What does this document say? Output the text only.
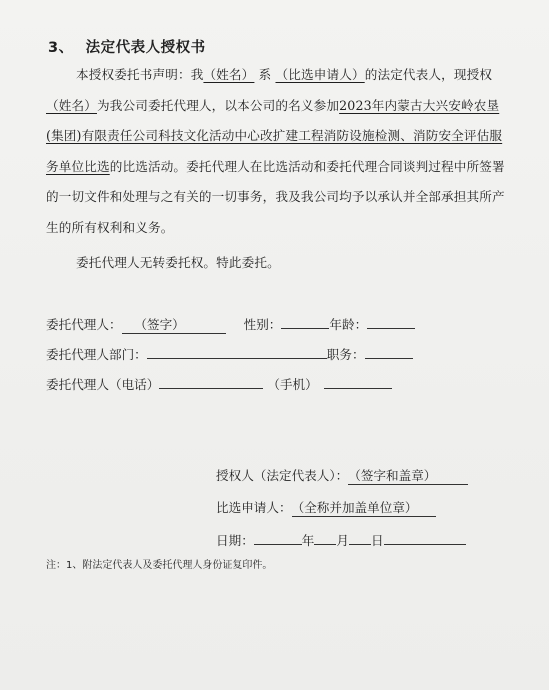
3、 法定代表人授权书
本授权委托书声明：我（姓名） 系 （比选申请人）的法定代表人，现授权（姓名）为我公司委托代理人，以本公司的名义参加2023年内蒙古大兴安岭农垦(集团)有限责任公司科技文化活动中心改扩建工程消防设施检测、消防安全评估服务单位比选的比选活动。委托代理人在比选活动和委托代理合同谈判过程中所签署的一切文件和处理与之有关的一切事务，我及我公司均予以承认并全部承担其所产生的所有权利和义务。
委托代理人无转委托权。特此委托。
委托代理人： （签字）	性别：	年龄：
委托代理人部门：	职务：
委托代理人（电话）	（手机）
授权人（法定代表人）：（签字和盖章）
比选申请人：（全称并加盖单位章）
日期：	年 月 日
注：1、附法定代表人及委托代理人身份证复印件。
